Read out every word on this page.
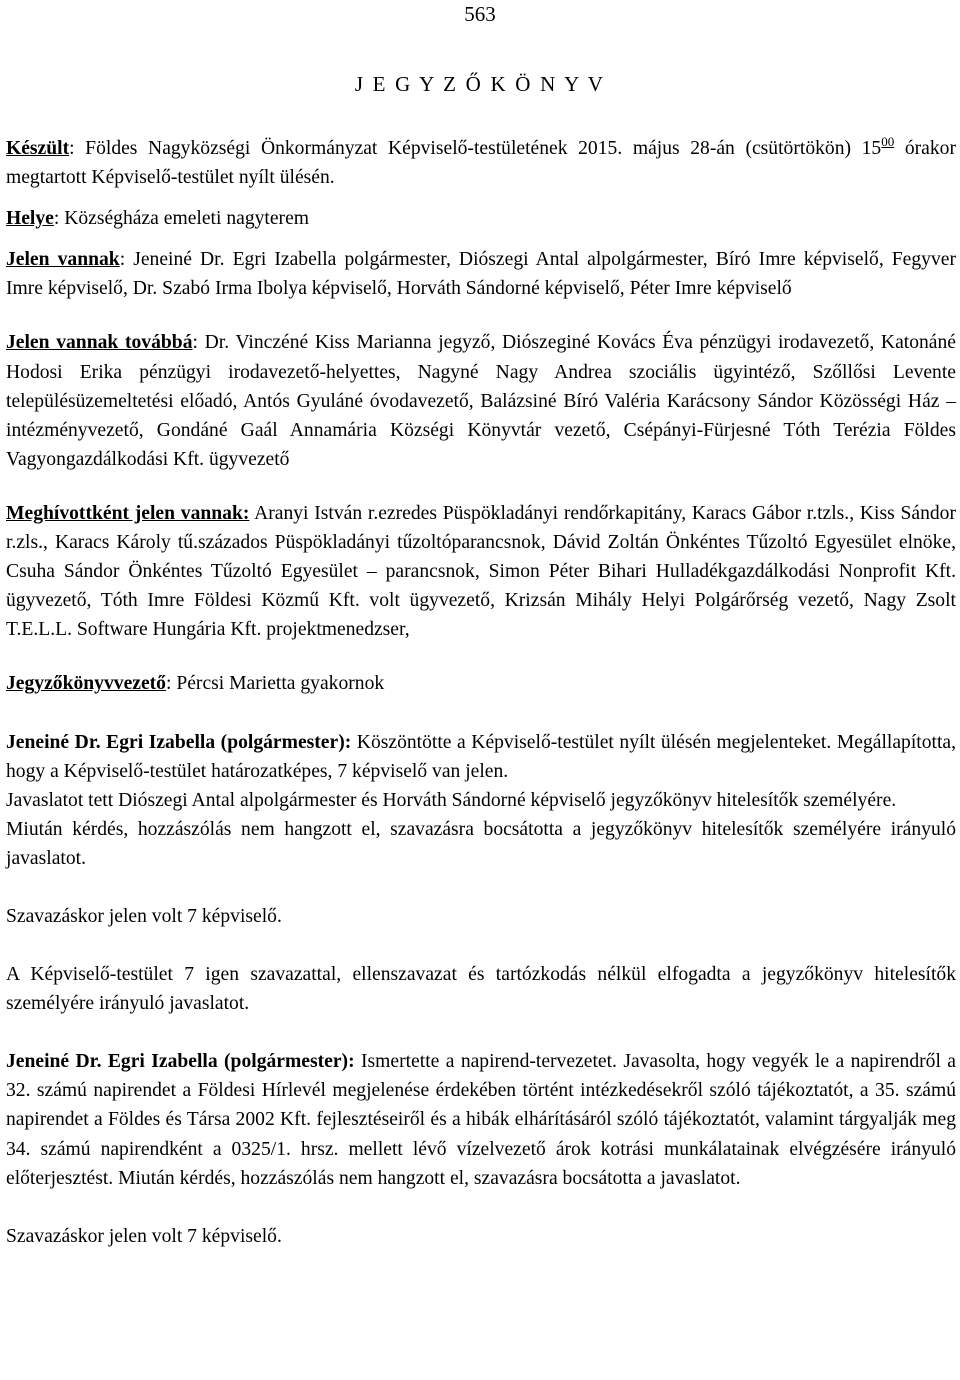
563
J E G Y Z Ő K Ö N Y V

Készült: Földes Nagyközségi Önkormányzat Képviselő-testületének 2015. május 28-án (csütörtökön) $15^{00}$ órakor megtartott Képviselő-testület nyílt ülésén.

Helye: Községháza emeleti nagyterem

Jelen vannak: Jeneiné Dr. Egri Izabella polgármester, Diószegi Antal alpolgármester, Bíró Imre képviselő, Fegyver Imre képviselő, Dr. Szabó Irma Ibolya képviselő, Horváth Sándorné képviselő, Péter Imre képviselő

Jelen vannak továbbá: Dr. Vinczéné Kiss Marianna jegyző, Diószeginé Kovács Éva pénzügyi irodavezető, Katonáné Hodosi Erika pénzügyi irodavezető-helyettes, Nagyné Nagy Andrea szociális ügyintéző, Szőllősi Levente településüzemeltetési előadó, Antós Gyuláné óvodavezető, Balázsiné Bíró Valéria Karácsony Sándor Közösségi Ház – intézményvezető, Gondáné Gaál Annamária Községi Könyvtár vezető, Csépányi-Fürjesné Tóth Terézia Földes Vagyongazdálkodási Kft. ügyvezető

Meghívottként jelen vannak: Aranyi István r.ezredes Püspökladányi rendőrkapitány, Karacs Gábor r.tzls., Kiss Sándor r.zls., Karacs Károly tű.százados Püspökladányi tűzoltóparancsnok, Dávid Zoltán Önkéntes Tűzoltó Egyesület elnöke, Csuha Sándor Önkéntes Tűzoltó Egyesület – parancsnok, Simon Péter Bihari Hulladékgazdálkodási Nonprofit Kft. ügyvezető, Tóth Imre Földesi Közmű Kft. volt ügyvezető, Krizsán Mihály Helyi Polgárőrség vezető, Nagy Zsolt T.E.L.L. Software Hungária Kft. projektmenedzser,

Jegyzőkönyvvezető: Pércsi Marietta gyakornok

Jeneiné Dr. Egri Izabella (polgármester): Köszöntötte a Képviselő-testület nyílt ülésén megjelenteket. Megállapította, hogy a Képviselő-testület határozatképes, 7 képviselő van jelen.

Javaslatot tett Diószegi Antal alpolgármester és Horváth Sándorné képviselő jegyzőkönyv hitelesítők személyére.

Miután kérdés, hozzászólás nem hangzott el, szavazásra bocsátotta a jegyzőkönyv hitelesítők személyére irányuló javaslatot.

Szavazáskor jelen volt 7 képviselő.

A Képviselő-testület 7 igen szavazattal, ellenszavazat és tartózkodás nélkül elfogadta a jegyzőkönyv hitelesítők személyére irányuló javaslatot.

Jeneiné Dr. Egri Izabella (polgármester): Ismertette a napirend-tervezetet. Javasolta, hogy vegyék le a napirendről a 32. számú napirendet a Földesi Hírlevél megjelenése érdekében történt intézkedésekről szóló tájékoztatót, a 35. számú napirendet a Földes és Társa 2002 Kft. fejlesztéseiről és a hibák elhárításáról szóló tájékoztatót, valamint tárgyalják meg 34. számú napirendként a 0325/1. hrsz. mellett lévő vízelvezető árok kotrási munkálatainak elvégzésére irányuló előterjesztést. Miután kérdés, hozzászólás nem hangzott el, szavazásra bocsátotta a javaslatot.

Szavazáskor jelen volt 7 képviselő.
